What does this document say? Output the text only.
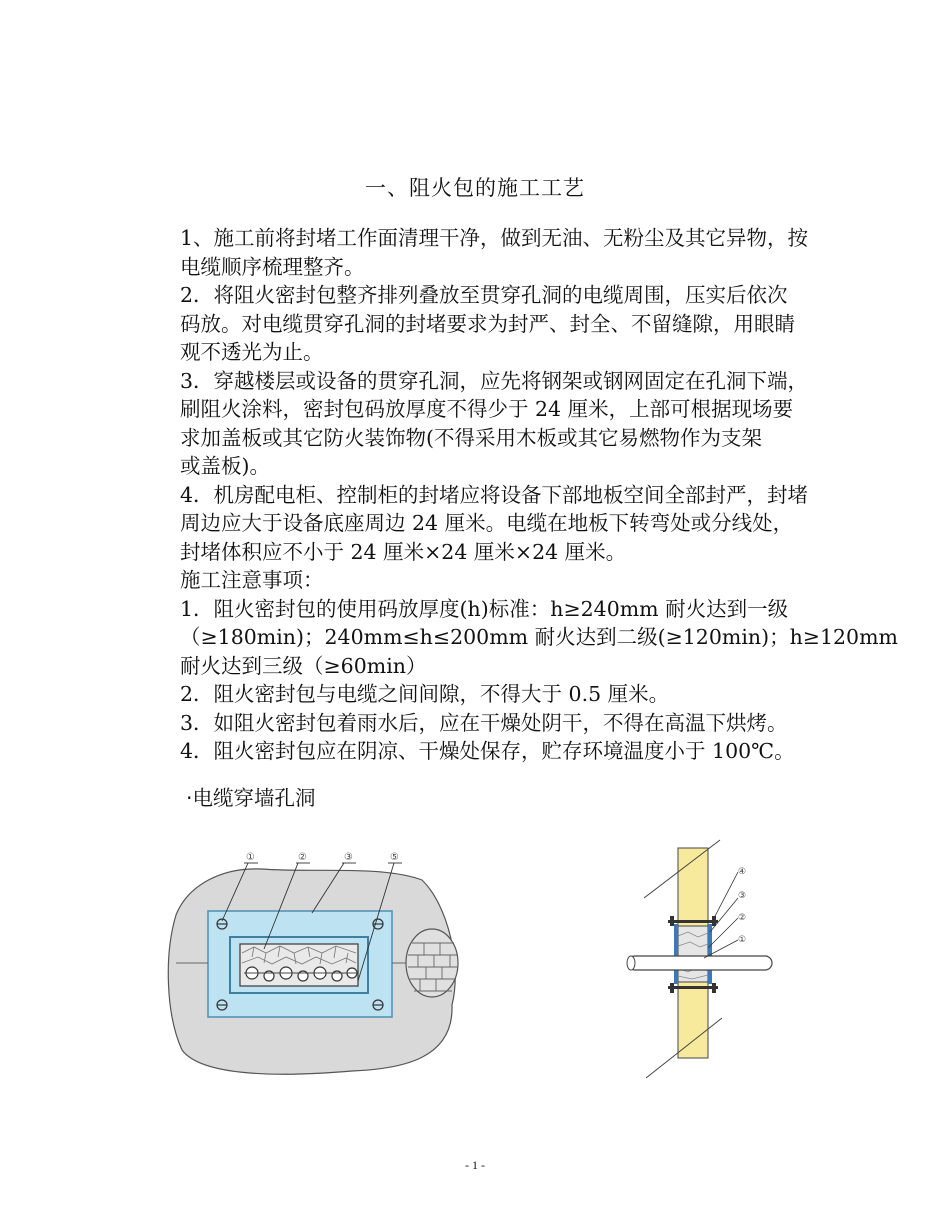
一、阻火包的施工工艺

1、施工前将封堵工作面清理干净，做到无油、无粉尘及其它异物，按

电缆顺序梳理整齐。

2．将阻火密封包整齐排列叠放至贯穿孔洞的电缆周围，压实后依次

码放。对电缆贯穿孔洞的封堵要求为封严、封全、不留缝隙，用眼睛

观不透光为止。

3．穿越楼层或设备的贯穿孔洞，应先将钢架或钢网固定在孔洞下端，

刷阻火涂料，密封包码放厚度不得少于 24 厘米，上部可根据现场要

求加盖板或其它防火装饰物(不得采用木板或其它易燃物作为支架

或盖板)。

4．机房配电柜、控制柜的封堵应将设备下部地板空间全部封严，封堵

周边应大于设备底座周边 24 厘米。电缆在地板下转弯处或分线处，

封堵体积应不小于 24 厘米×24 厘米×24 厘米。

施工注意事项：

1．阻火密封包的使用码放厚度(h)标准：h≥240mm 耐火达到一级

（≥180min)；240mm≤h≤200mm 耐火达到二级(≥120min)；h≥120mm

耐火达到三级（≥60min）

2．阻火密封包与电缆之间间隙，不得大于 0.5 厘米。

3．如阻火密封包着雨水后，应在干燥处阴干，不得在高温下烘烤。

4．阻火密封包应在阴凉、干燥处保存，贮存环境温度小于 100℃。

·电缆穿墙孔洞
①	②	③	⑤
④
③
②
①
- 1 -
